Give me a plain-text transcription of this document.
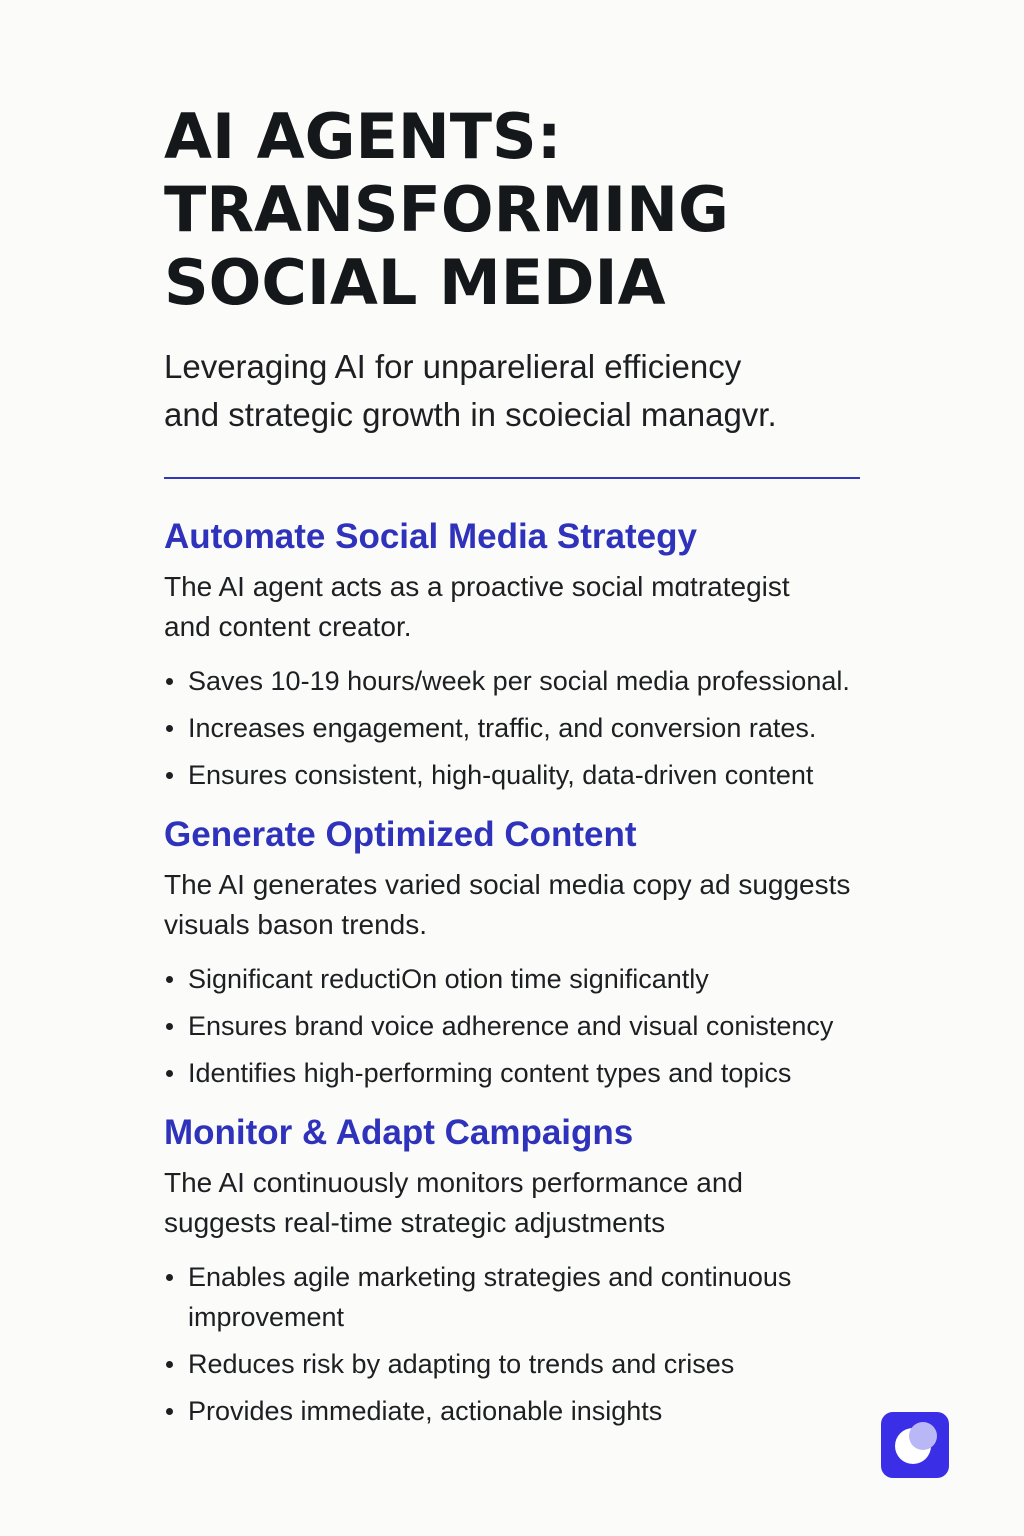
AI AGENTS:
TRANSFORMING
SOCIAL MEDIA
Leveraging AI for unparelieral efficiency
and strategic growth in scoiecial managvr.
Automate Social Media Strategy
The AI agent acts as a proactive social mɑtrategist
and content creator.
Saves 10-19 hours/week per social media professional.
Increases engagement, traffic, and conversion rates.
Ensures consistent, high-quality, data-driven content
Generate Optimized Content
The AI generates varied social media copy ad suggests
visuals bason trends.
Significant reductiOn otion time significantly
Ensures brand voice adherence and visual conistency
Identifies high-performing content types and topics
Monitor & Adapt Campaigns
The AI continuously monitors performance and
suggests real-time strategic adjustments
Enables agile marketing strategies and continuous
improvement
Reduces risk by adapting to trends and crises
Provides immediate, actionable insights
